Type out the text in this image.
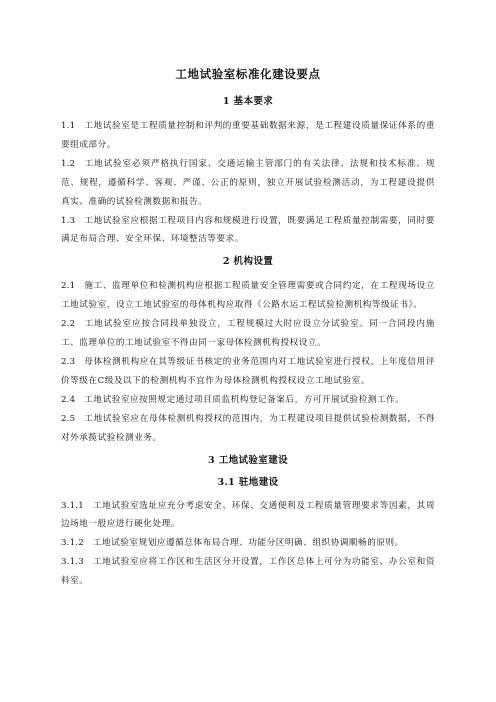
工地试验室标准化建设要点
1 基本要求

1.1 工地试验室是工程质量控制和评判的重要基础数据来源，是工程建设质量保证体系的重要组成部分。

1.2 工地试验室必须严格执行国家、交通运输主管部门的有关法律、法规和技术标准、规范、规程，遵循科学、客观、严谨、公正的原则，独立开展试验检测活动，为工程建设提供真实、准确的试验检测数据和报告。

1.3 工地试验室应根据工程项目内容和规模进行设置，既要满足工程质量控制需要，同时要满足布局合理、安全环保、环境整洁等要求。

2 机构设置

2.1 施工、监理单位和检测机构应根据工程质量安全管理需要或合同约定，在工程现场设立工地试验室，设立工地试验室的母体机构应取得《公路水运工程试验检测机构等级证书》。

2.2 工地试验室应按合同段单独设立，工程规模过大时应设立分试验室。同一合同段内施工、监理单位的工地试验室不得由同一家母体检测机构授权设立。

2.3 母体检测机构应在其等级证书核定的业务范围内对工地试验室进行授权，上年度信用评价等级在C级及以下的检测机构不宜作为母体检测机构授权设立工地试验室。

2.4 工地试验室应按照规定通过项目质监机构登记备案后，方可开展试验检测工作。

2.5 工地试验室应在母体检测机构授权的范围内，为工程建设项目提供试验检测数据，不得对外承揽试验检测业务。

3 工地试验室建设
3.1 驻地建设

3.1.1 工地试验室选址应充分考虑安全、环保、交通便利及工程质量管理要求等因素，其周边场地一般应进行硬化处理。

3.1.2 工地试验室规划应遵循总体布局合理、功能分区明确、组织协调顺畅的原则。

3.1.3 工地试验室应将工作区和生活区分开设置，工作区总体上可分为功能室、办公室和资料室。
